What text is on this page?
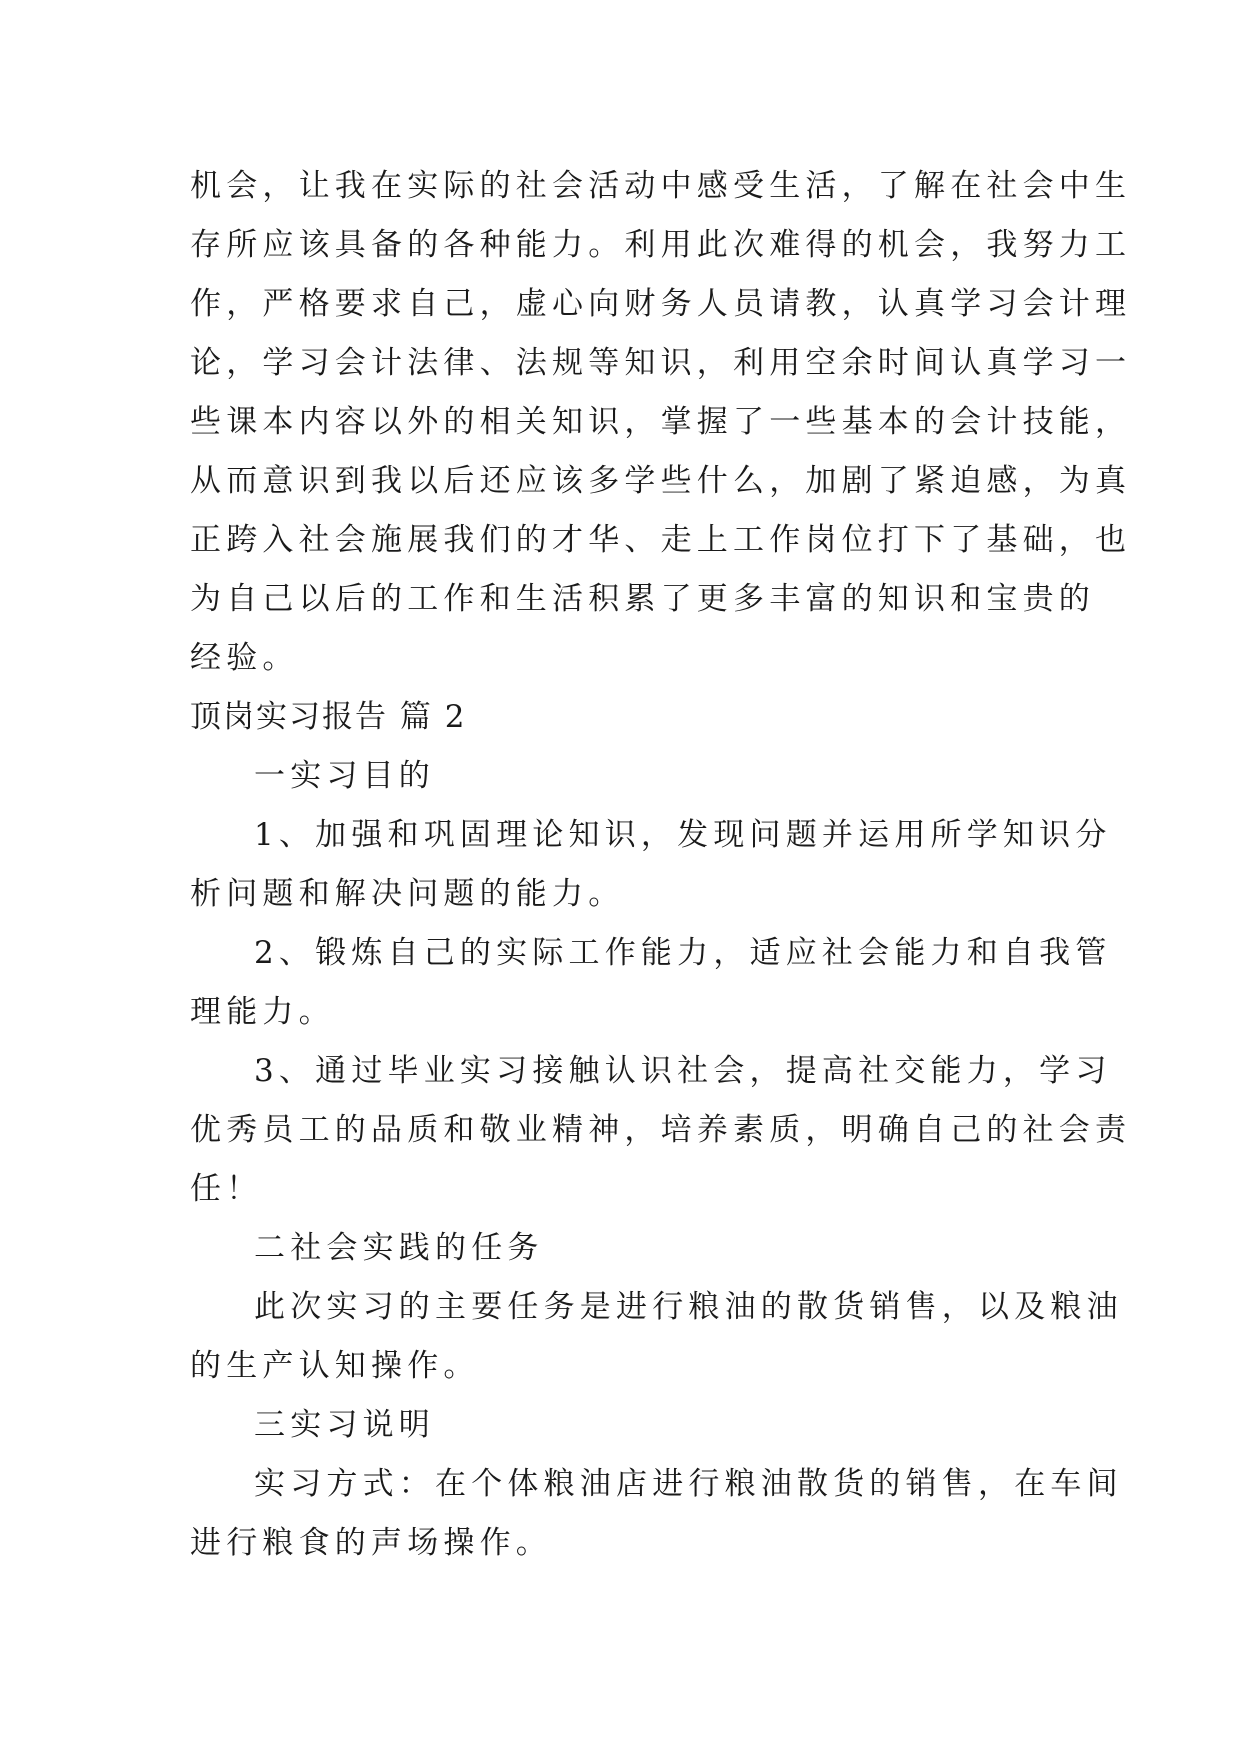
机会，让我在实际的社会活动中感受生活，了解在社会中生
存所应该具备的各种能力。利用此次难得的机会，我努力工
作，严格要求自己，虚心向财务人员请教，认真学习会计理
论，学习会计法律、法规等知识，利用空余时间认真学习一
些课本内容以外的相关知识，掌握了一些基本的会计技能，
从而意识到我以后还应该多学些什么，加剧了紧迫感，为真
正跨入社会施展我们的才华、走上工作岗位打下了基础，也
为自己以后的工作和生活积累了更多丰富的知识和宝贵的
经验。
顶岗实习报告 篇 2
一实习目的
1、加强和巩固理论知识，发现问题并运用所学知识分
析问题和解决问题的能力。
2、锻炼自己的实际工作能力，适应社会能力和自我管
理能力。
3、通过毕业实习接触认识社会，提高社交能力，学习
优秀员工的品质和敬业精神，培养素质，明确自己的社会责
任！
二社会实践的任务
此次实习的主要任务是进行粮油的散货销售，以及粮油
的生产认知操作。
三实习说明
实习方式：在个体粮油店进行粮油散货的销售，在车间
进行粮食的声场操作。
